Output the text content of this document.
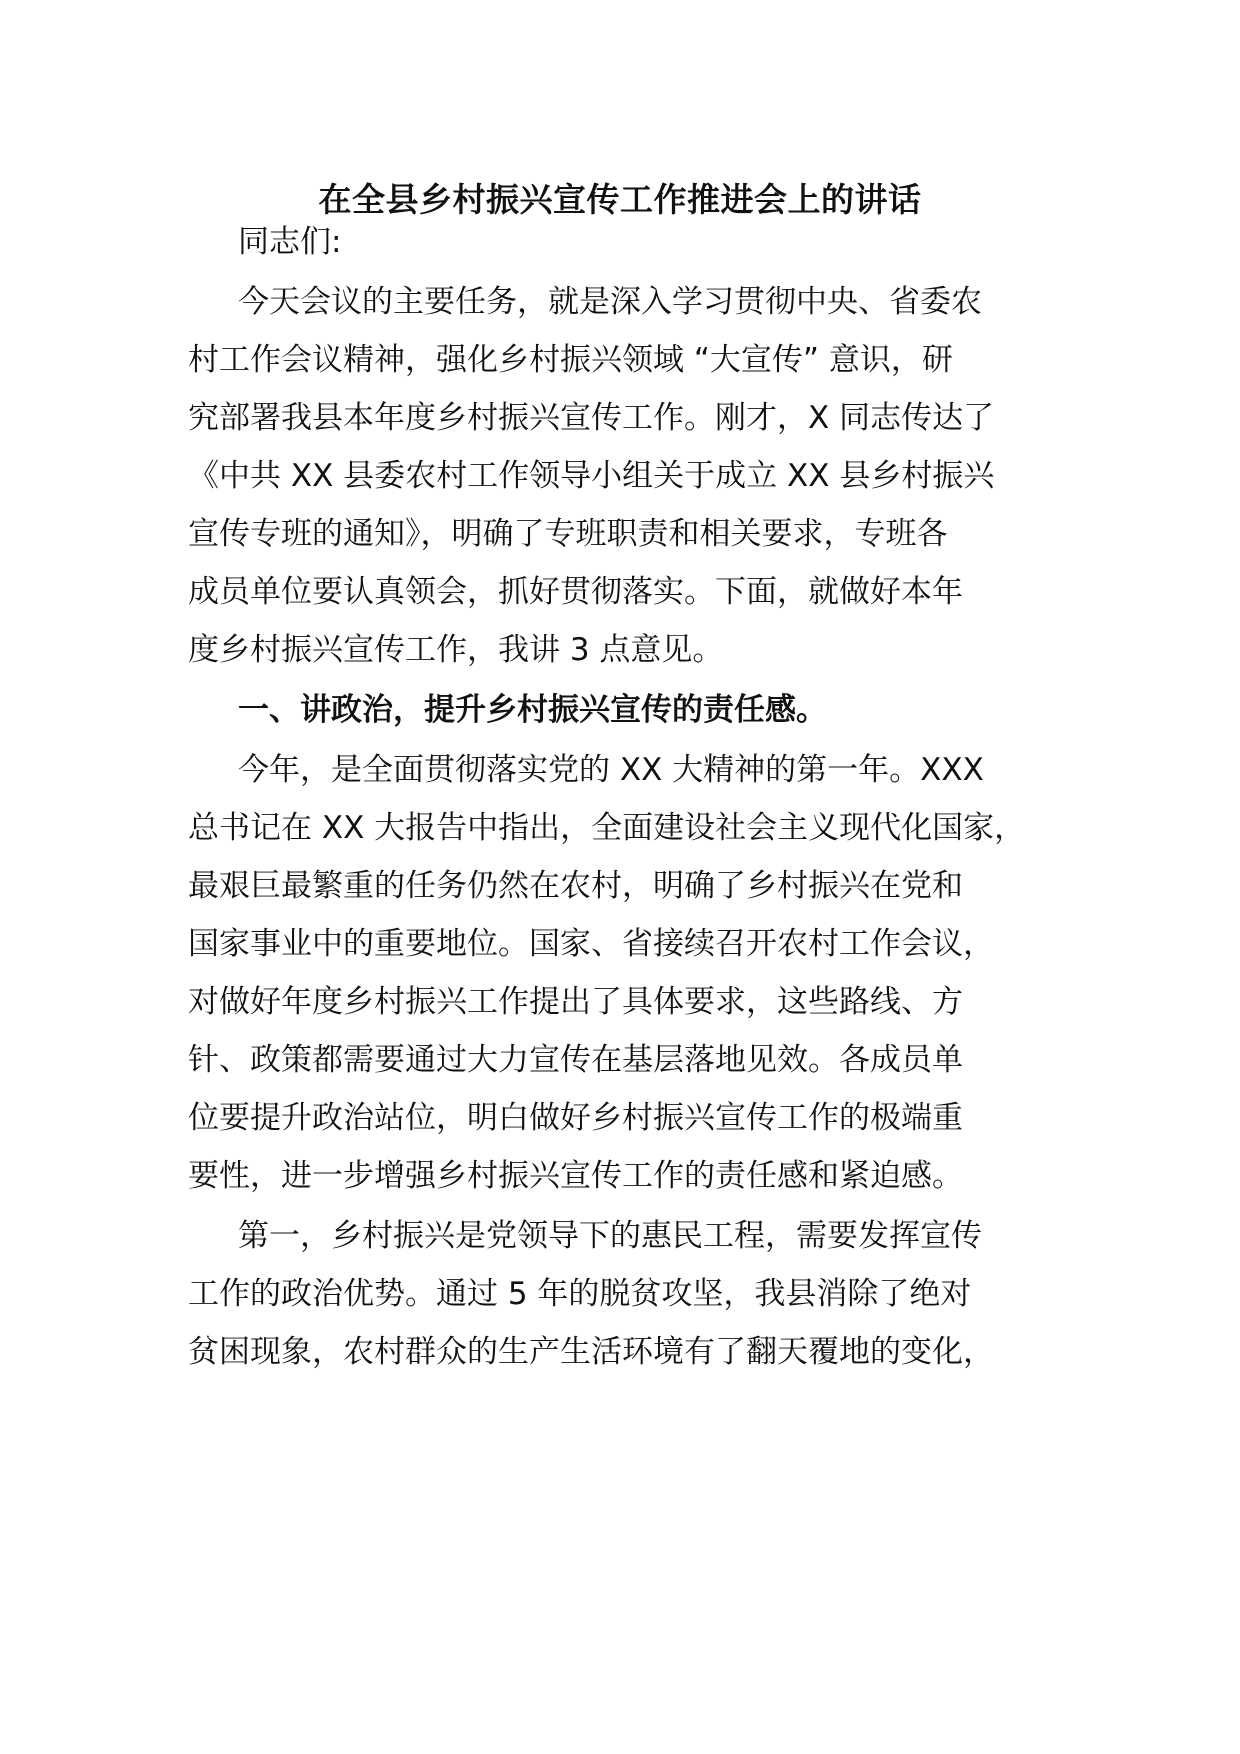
在全县乡村振兴宣传工作推进会上的讲话
同志们:
今天会议的主要任务，就是深入学习贯彻中央、省委农
村工作会议精神，强化乡村振兴领域 “大宣传” 意识，研
究部署我县本年度乡村振兴宣传工作。刚才，X 同志传达了
《中共 XX 县委农村工作领导小组关于成立 XX 县乡村振兴
宣传专班的通知》，明确了专班职责和相关要求，专班各
成员单位要认真领会，抓好贯彻落实。下面，就做好本年
度乡村振兴宣传工作，我讲 3 点意见。
一、讲政治，提升乡村振兴宣传的责任感。
今年，是全面贯彻落实党的 XX 大精神的第一年。XXX
总书记在 XX 大报告中指出，全面建设社会主义现代化国家，
最艰巨最繁重的任务仍然在农村，明确了乡村振兴在党和
国家事业中的重要地位。国家、省接续召开农村工作会议，
对做好年度乡村振兴工作提出了具体要求，这些路线、方
针、政策都需要通过大力宣传在基层落地见效。各成员单
位要提升政治站位，明白做好乡村振兴宣传工作的极端重
要性，进一步增强乡村振兴宣传工作的责任感和紧迫感。
第一，乡村振兴是党领导下的惠民工程，需要发挥宣传
工作的政治优势。通过 5 年的脱贫攻坚，我县消除了绝对
贫困现象，农村群众的生产生活环境有了翻天覆地的变化，
